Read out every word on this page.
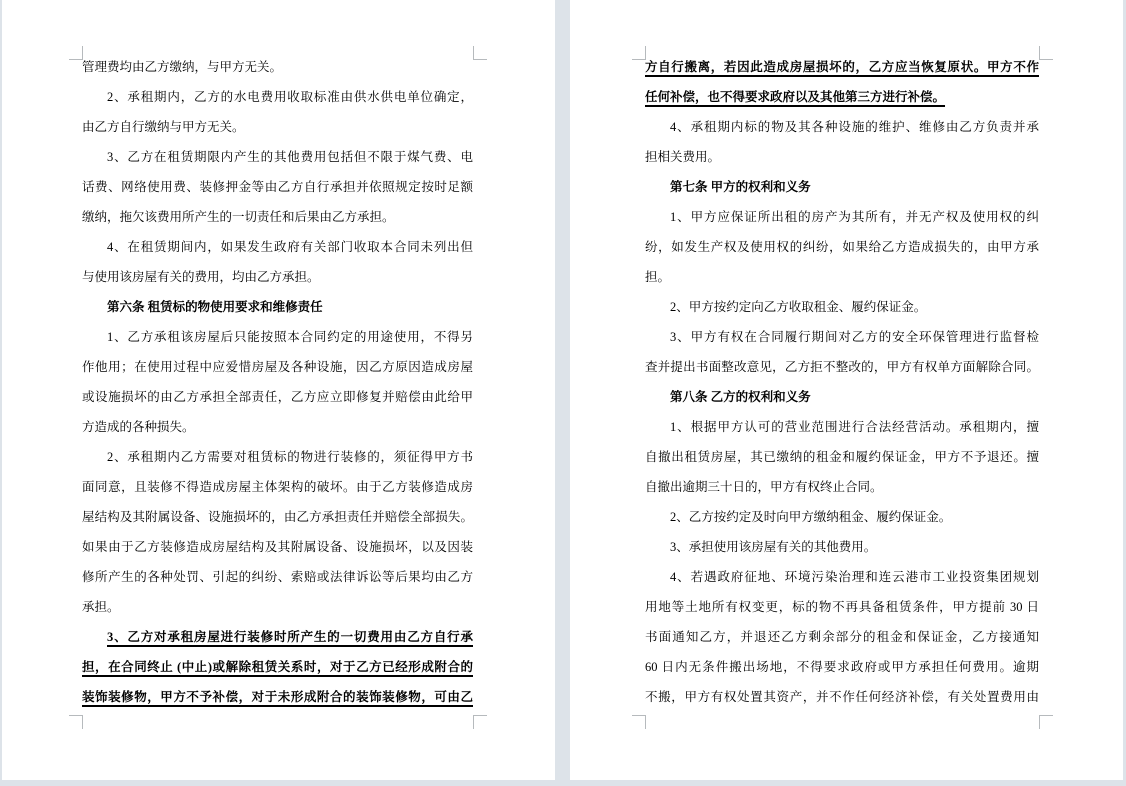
管理费均由乙方缴纳，与甲方无关。
2、承租期内，乙方的水电费用收取标准由供水供电单位确定，
由乙方自行缴纳与甲方无关。
3、乙方在租赁期限内产生的其他费用包括但不限于煤气费、电
话费、网络使用费、装修押金等由乙方自行承担并依照规定按时足额
缴纳，拖欠该费用所产生的一切责任和后果由乙方承担。
4、在租赁期间内，如果发生政府有关部门收取本合同未列出但
与使用该房屋有关的费用，均由乙方承担。
第六条 租赁标的物使用要求和维修责任
1、乙方承租该房屋后只能按照本合同约定的用途使用，不得另
作他用；在使用过程中应爱惜房屋及各种设施，因乙方原因造成房屋
或设施损坏的由乙方承担全部责任，乙方应立即修复并赔偿由此给甲
方造成的各种损失。
2、承租期内乙方需要对租赁标的物进行装修的，须征得甲方书
面同意，且装修不得造成房屋主体架构的破坏。由于乙方装修造成房
屋结构及其附属设备、设施损坏的，由乙方承担责任并赔偿全部损失。
如果由于乙方装修造成房屋结构及其附属设备、设施损坏，以及因装
修所产生的各种处罚、引起的纠纷、索赔或法律诉讼等后果均由乙方
承担。
3、乙方对承租房屋进行装修时所产生的一切费用由乙方自行承
担，在合同终止 (中止)或解除租赁关系时，对于乙方已经形成附合的
装饰装修物，甲方不予补偿，对于未形成附合的装饰装修物，可由乙
方自行搬离，若因此造成房屋损坏的，乙方应当恢复原状。甲方不作
任何补偿，也不得要求政府以及其他第三方进行补偿。
4、承租期内标的物及其各种设施的维护、维修由乙方负责并承
担相关费用。
第七条 甲方的权利和义务
1、甲方应保证所出租的房产为其所有，并无产权及使用权的纠
纷，如发生产权及使用权的纠纷，如果给乙方造成损失的，由甲方承
担。
2、甲方按约定向乙方收取租金、履约保证金。
3、甲方有权在合同履行期间对乙方的安全环保管理进行监督检
查并提出书面整改意见，乙方拒不整改的，甲方有权单方面解除合同。
第八条 乙方的权利和义务
1、根据甲方认可的营业范围进行合法经营活动。承租期内，擅
自撤出租赁房屋，其已缴纳的租金和履约保证金，甲方不予退还。擅
自撤出逾期三十日的，甲方有权终止合同。
2、乙方按约定及时向甲方缴纳租金、履约保证金。
3、承担使用该房屋有关的其他费用。
4、若遇政府征地、环境污染治理和连云港市工业投资集团规划
用地等土地所有权变更，标的物不再具备租赁条件，甲方提前 30 日
书面通知乙方，并退还乙方剩余部分的租金和保证金，乙方接通知
60 日内无条件搬出场地，不得要求政府或甲方承担任何费用。逾期
不搬，甲方有权处置其资产，并不作任何经济补偿，有关处置费用由
